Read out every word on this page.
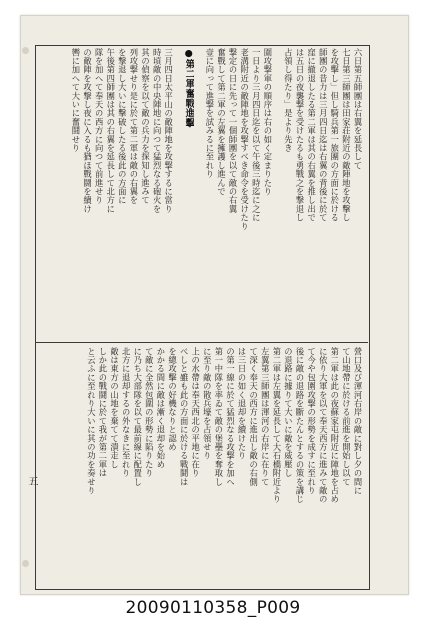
六日第五師團は右翼を延長して
七日第三師團は田家荘附近の敵陣地を攻擊し
を攻擊し」但し騎兵第一旅團の方面に於ける
師團の昔力は三月四日迄は右翼の背後に於て
窪に撤退したる第二軍は其の右翼を推し出で
は五日の夜襲撃を受けたるも勇戰之を撃退し
占領し得たり」是より先き
圍攻撃軍の順序は右の如く定まりたり
一日より三月四日迄を以て午後三時迄に之に
老溝附近の敵陣地を攻撃すべき命令を受けたり
撃定の日に先って一個師團を以て敵の右翼
奮戰して第二軍の左翼を擁護し進んで
壹に向って進撃を試みるに至れり
●第二軍奮戰進擊
三月四日太平山の敵陣地を攻撃するに當り
時頃敵の中央陣地に向つて猛烈なる砲火を
其の偵察を以て敵の兵力を探知し進みて
列攻撃せり是に於て第二軍は敵の右翼を
を撃退し大いに擊破したる後此の方面に
午後第四師團は其の右翼を延長して北方に
隊を加へて奉天の西方に向つて前進せり
の敵陣を攻撃し夜に入るも猶ほ戰鬪を續け
轡に加へて大いに奮鬪せり
營口及び渾河右岸の敵に對し夕の間に
て山地帶に於ける前進を開始し以て
第二軍は此の夜蘇家屯附近に陣地を占め
に依り大軍を以て奉天西方に進みて敵の
て今や包圍攻撃の形勢を成すに至れり
後に敵の退路を斷たんとするの策を講じ
の退路に據りて大いに敵を威壓し
第二軍は左翼を延長して大石橋附近より
左翼第三師團は渾河の右岸に在りて
て深く奉天の西方に進出し敵の右側
は三日の如く退却を續けたり
の第一線に於て猛烈なる攻撃を加へ
第一中隊を率ゐて敵の堡壘を奪取し
に至り敵の散兵壕を占領せり
上の水帶は奉天西北の平地に在り
べしと雖も此の方面に於ける戰鬪は
を總攻擊の好機なりと認め
かかる間に敵は漸く退却を始め
て敵に全然包圍の形勢に陷りたり
に乃ち大部隊を以て最前線に配置し
北方に退却するの外なきに至れり
敵は東方の山地を棄てて潰走し
しか此の戰鬪に於て我が第二軍は
と云ふに至れり大いに其の功を奏せり
五
20090110358_P009
